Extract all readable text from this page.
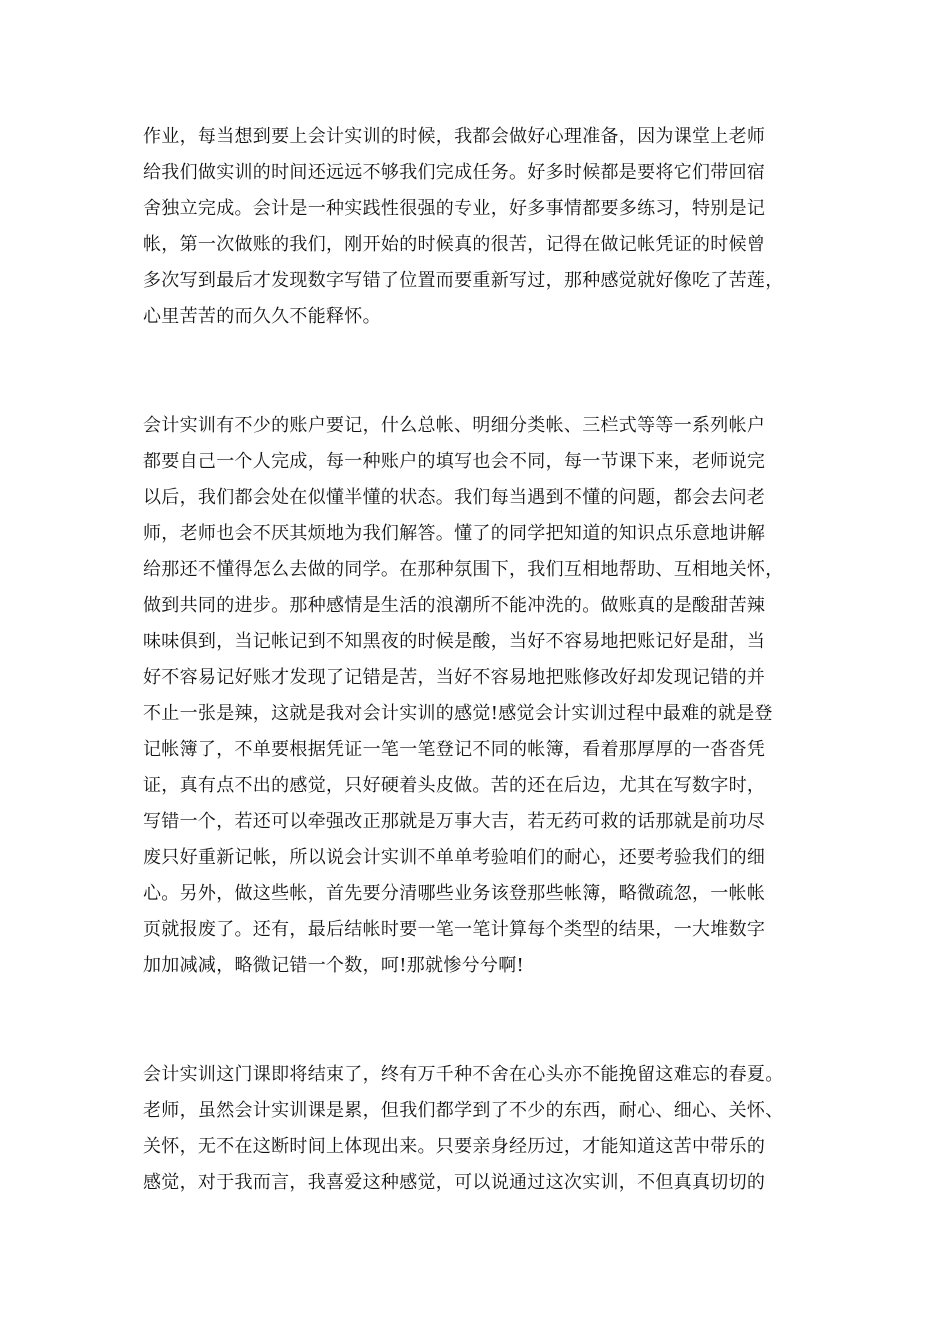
作业，每当想到要上会计实训的时候，我都会做好心理准备，因为课堂上老师
给我们做实训的时间还远远不够我们完成任务。好多时候都是要将它们带回宿
舍独立完成。会计是一种实践性很强的专业，好多事情都要多练习，特别是记
帐，第一次做账的我们，刚开始的时候真的很苦，记得在做记帐凭证的时候曾
多次写到最后才发现数字写错了位置而要重新写过，那种感觉就好像吃了苦莲，
心里苦苦的而久久不能释怀。
会计实训有不少的账户要记，什么总帐、明细分类帐、三栏式等等一系列帐户
都要自己一个人完成，每一种账户的填写也会不同，每一节课下来，老师说完
以后，我们都会处在似懂半懂的状态。我们每当遇到不懂的问题，都会去问老
师，老师也会不厌其烦地为我们解答。懂了的同学把知道的知识点乐意地讲解
给那还不懂得怎么去做的同学。在那种氛围下，我们互相地帮助、互相地关怀，
做到共同的进步。那种感情是生活的浪潮所不能冲洗的。做账真的是酸甜苦辣
味味俱到，当记帐记到不知黑夜的时候是酸，当好不容易地把账记好是甜，当
好不容易记好账才发现了记错是苦，当好不容易地把账修改好却发现记错的并
不止一张是辣，这就是我对会计实训的感觉!感觉会计实训过程中最难的就是登
记帐簿了，不单要根据凭证一笔一笔登记不同的帐簿，看着那厚厚的一沓沓凭
证，真有点不出的感觉，只好硬着头皮做。苦的还在后边，尤其在写数字时，
写错一个，若还可以牵强改正那就是万事大吉，若无药可救的话那就是前功尽
废只好重新记帐，所以说会计实训不单单考验咱们的耐心，还要考验我们的细
心。另外，做这些帐，首先要分清哪些业务该登那些帐簿，略微疏忽，一帐帐
页就报废了。还有，最后结帐时要一笔一笔计算每个类型的结果，一大堆数字
加加减减，略微记错一个数，呵!那就惨兮兮啊!
会计实训这门课即将结束了，终有万千种不舍在心头亦不能挽留这难忘的春夏。
老师，虽然会计实训课是累，但我们都学到了不少的东西，耐心、细心、关怀、
关怀，无不在这断时间上体现出来。只要亲身经历过，才能知道这苦中带乐的
感觉，对于我而言，我喜爱这种感觉，可以说通过这次实训，不但真真切切的
